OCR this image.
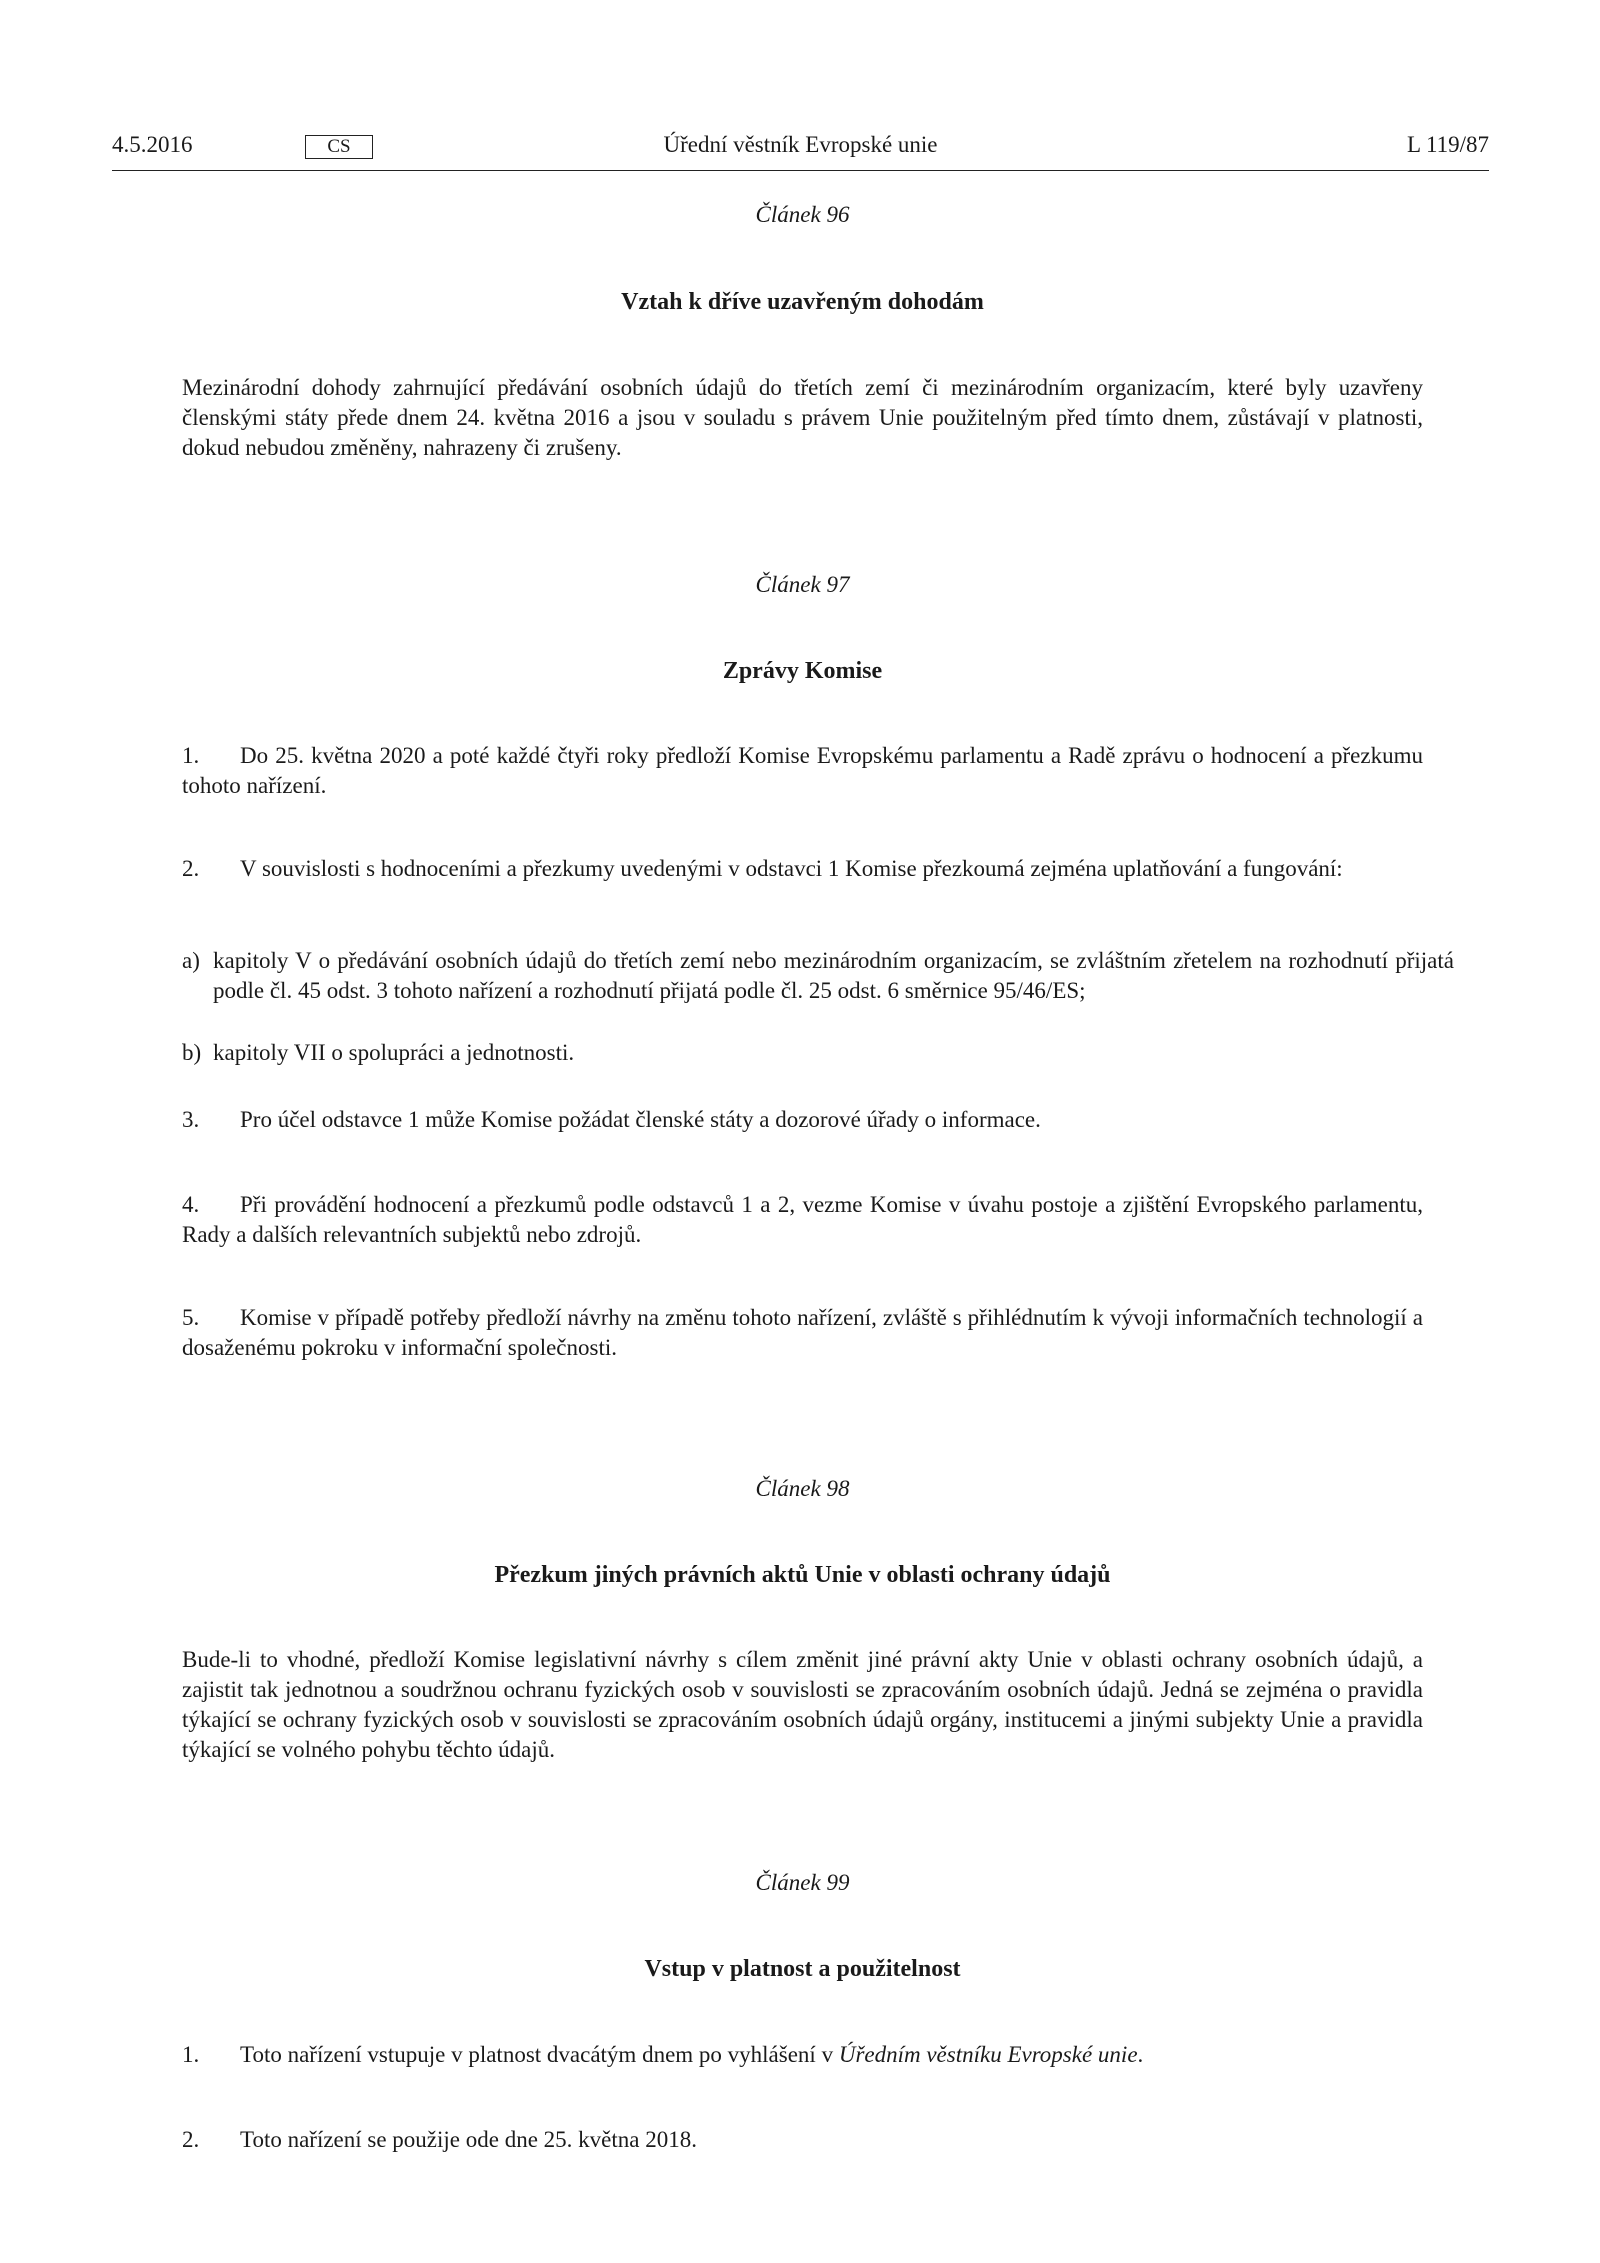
4.5.2016	CS	Úřední věstník Evropské unie	L 119/87
Článek 96
Vztah k dříve uzavřeným dohodám
Mezinárodní dohody zahrnující předávání osobních údajů do třetích zemí či mezinárodním organizacím, které byly uzavřeny členskými státy přede dnem 24. května 2016 a jsou v souladu s právem Unie použitelným před tímto dnem, zůstávají v platnosti, dokud nebudou změněny, nahrazeny či zrušeny.
Článek 97
Zprávy Komise
1. Do 25. května 2020 a poté každé čtyři roky předloží Komise Evropskému parlamentu a Radě zprávu o hodnocení a přezkumu tohoto nařízení.
2. V souvislosti s hodnoceními a přezkumy uvedenými v odstavci 1 Komise přezkoumá zejména uplatňování a fungování:
a) kapitoly V o předávání osobních údajů do třetích zemí nebo mezinárodním organizacím, se zvláštním zřetelem na rozhodnutí přijatá podle čl. 45 odst. 3 tohoto nařízení a rozhodnutí přijatá podle čl. 25 odst. 6 směrnice 95/46/ES;
b) kapitoly VII o spolupráci a jednotnosti.
3. Pro účel odstavce 1 může Komise požádat členské státy a dozorové úřady o informace.
4. Při provádění hodnocení a přezkumů podle odstavců 1 a 2, vezme Komise v úvahu postoje a zjištění Evropského parlamentu, Rady a dalších relevantních subjektů nebo zdrojů.
5. Komise v případě potřeby předloží návrhy na změnu tohoto nařízení, zvláště s přihlédnutím k vývoji informačních technologií a dosaženému pokroku v informační společnosti.
Článek 98
Přezkum jiných právních aktů Unie v oblasti ochrany údajů
Bude-li to vhodné, předloží Komise legislativní návrhy s cílem změnit jiné právní akty Unie v oblasti ochrany osobních údajů, a zajistit tak jednotnou a soudržnou ochranu fyzických osob v souvislosti se zpracováním osobních údajů. Jedná se zejména o pravidla týkající se ochrany fyzických osob v souvislosti se zpracováním osobních údajů orgány, institucemi a jinými subjekty Unie a pravidla týkající se volného pohybu těchto údajů.
Článek 99
Vstup v platnost a použitelnost
1. Toto nařízení vstupuje v platnost dvacátým dnem po vyhlášení v Úředním věstníku Evropské unie.
2. Toto nařízení se použije ode dne 25. května 2018.
